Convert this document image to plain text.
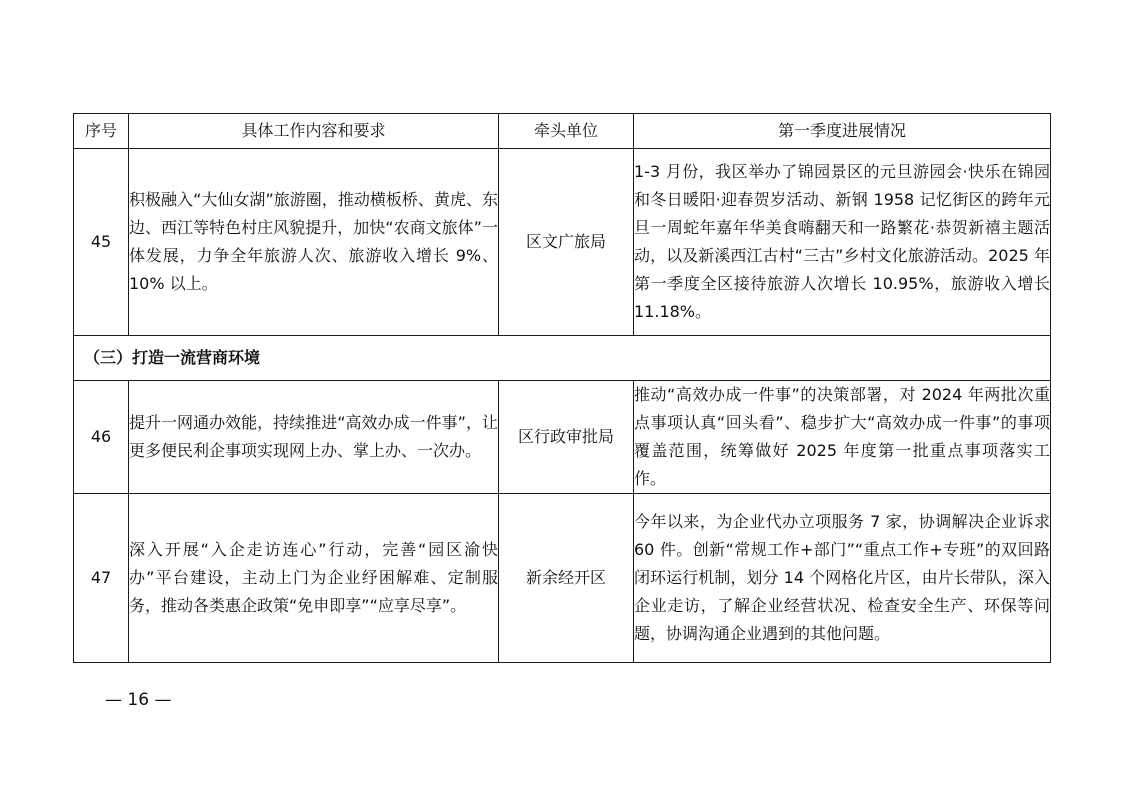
序号	具体工作内容和要求	牵头单位	第一季度进展情况
45	积极融入“大仙女湖”旅游圈，推动横板桥、黄虎、东边、西江等特色村庄风貌提升，加快“农商文旅体”一体发展，力争全年旅游人次、旅游收入增长 9%、10% 以上。	区文广旅局	1-3 月份，我区举办了锦园景区的元旦游园会·快乐在锦园和冬日暖阳·迎春贺岁活动、新钢 1958 记忆街区的跨年元旦一周蛇年嘉年华美食嗨翻天和一路繁花·恭贺新禧主题活动，以及新溪西江古村“三古”乡村文化旅游活动。2025 年第一季度全区接待旅游人次增长 10.95%，旅游收入增长 11.18%。
（三）打造一流营商环境			
46	提升一网通办效能，持续推进“高效办成一件事”，让更多便民利企事项实现网上办、掌上办、一次办。	区行政审批局	推动“高效办成一件事”的决策部署，对 2024 年两批次重点事项认真“回头看”、稳步扩大“高效办成一件事”的事项覆盖范围，统筹做好 2025 年度第一批重点事项落实工作。
47	深入开展“入企走访连心”行动，完善“园区渝快办”平台建设，主动上门为企业纾困解难、定制服务，推动各类惠企政策“免申即享”“应享尽享”。	新余经开区	今年以来，为企业代办立项服务 7 家，协调解决企业诉求 60 件。创新“常规工作+部门”“重点工作+专班”的双回路闭环运行机制，划分 14 个网格化片区，由片长带队，深入企业走访，了解企业经营状况、检查安全生产、环保等问题，协调沟通企业遇到的其他问题。
— 16 —
